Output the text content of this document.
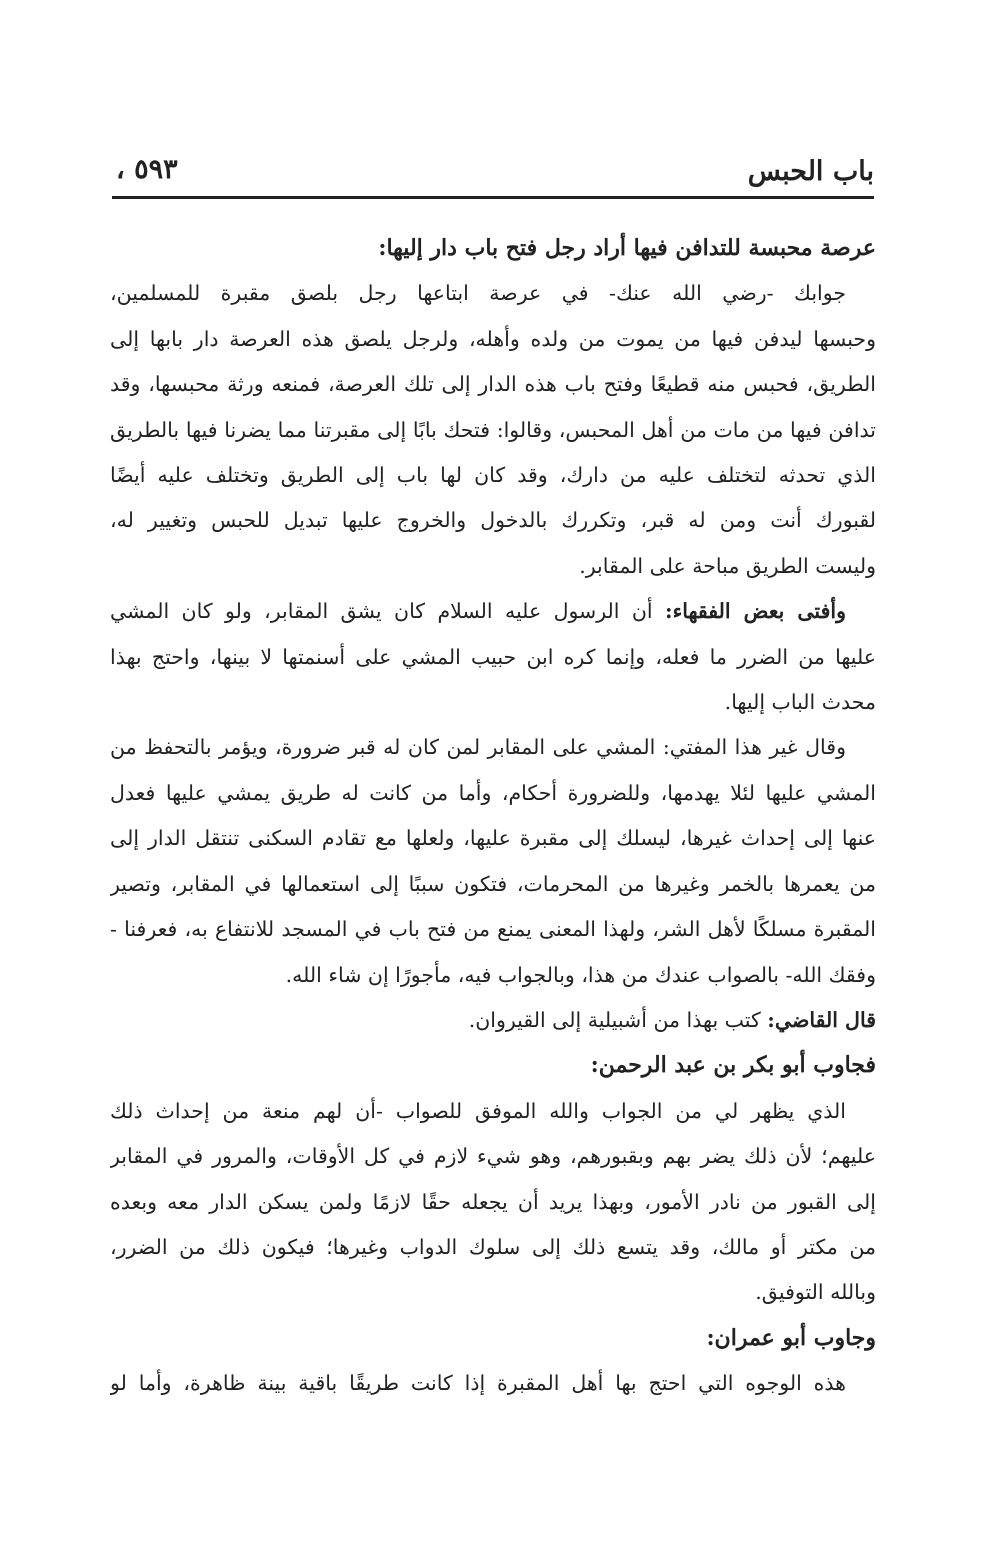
باب الحبس
٥٩٣ ،
عرصة محبسة للتدافن فيها أراد رجل فتح باب دار إليها:
جوابك -رضي الله عنك- في عرصة ابتاعها رجل بلصق مقبرة للمسلمين،
وحبسها ليدفن فيها من يموت من ولده وأهله، ولرجل يلصق هذه العرصة دار بابها إلى
الطريق، فحبس منه قطيعًا وفتح باب هذه الدار إلى تلك العرصة، فمنعه ورثة محبسها، وقد
تدافن فيها من مات من أهل المحبس، وقالوا: فتحك بابًا إلى مقبرتنا مما يضرنا فيها بالطريق
الذي تحدثه لتختلف عليه من دارك، وقد كان لها باب إلى الطريق وتختلف عليه أيضًا
لقبورك أنت ومن له قبر، وتكررك بالدخول والخروج عليها تبديل للحبس وتغيير له،
وليست الطريق مباحة على المقابر.
وأفتى بعض الفقهاء: أن الرسول عليه السلام كان يشق المقابر، ولو كان المشي
عليها من الضرر ما فعله، وإنما كره ابن حبيب المشي على أسنمتها لا بينها، واحتج بهذا
محدث الباب إليها.
وقال غير هذا المفتي: المشي على المقابر لمن كان له قبر ضرورة، ويؤمر بالتحفظ من
المشي عليها لئلا يهدمها، وللضرورة أحكام، وأما من كانت له طريق يمشي عليها فعدل
عنها إلى إحداث غيرها، ليسلك إلى مقبرة عليها، ولعلها مع تقادم السكنى تنتقل الدار إلى
من يعمرها بالخمر وغيرها من المحرمات، فتكون سببًا إلى استعمالها في المقابر، وتصير
المقبرة مسلكًا لأهل الشر، ولهذا المعنى يمنع من فتح باب في المسجد للانتفاع به، فعرفنا -
وفقك الله- بالصواب عندك من هذا، وبالجواب فيه، مأجورًا إن شاء الله.
قال القاضي: كتب بهذا من أشبيلية إلى القيروان.
فجاوب أبو بكر بن عبد الرحمن:
الذي يظهر لي من الجواب والله الموفق للصواب -أن لهم منعة من إحداث ذلك
عليهم؛ لأن ذلك يضر بهم وبقبورهم، وهو شيء لازم في كل الأوقات، والمرور في المقابر
إلى القبور من نادر الأمور، وبهذا يريد أن يجعله حقًا لازمًا ولمن يسكن الدار معه وبعده
من مكتر أو مالك، وقد يتسع ذلك إلى سلوك الدواب وغيرها؛ فيكون ذلك من الضرر،
وبالله التوفيق.
وجاوب أبو عمران:
هذه الوجوه التي احتج بها أهل المقبرة إذا كانت طريقًا باقية بينة ظاهرة، وأما لو
